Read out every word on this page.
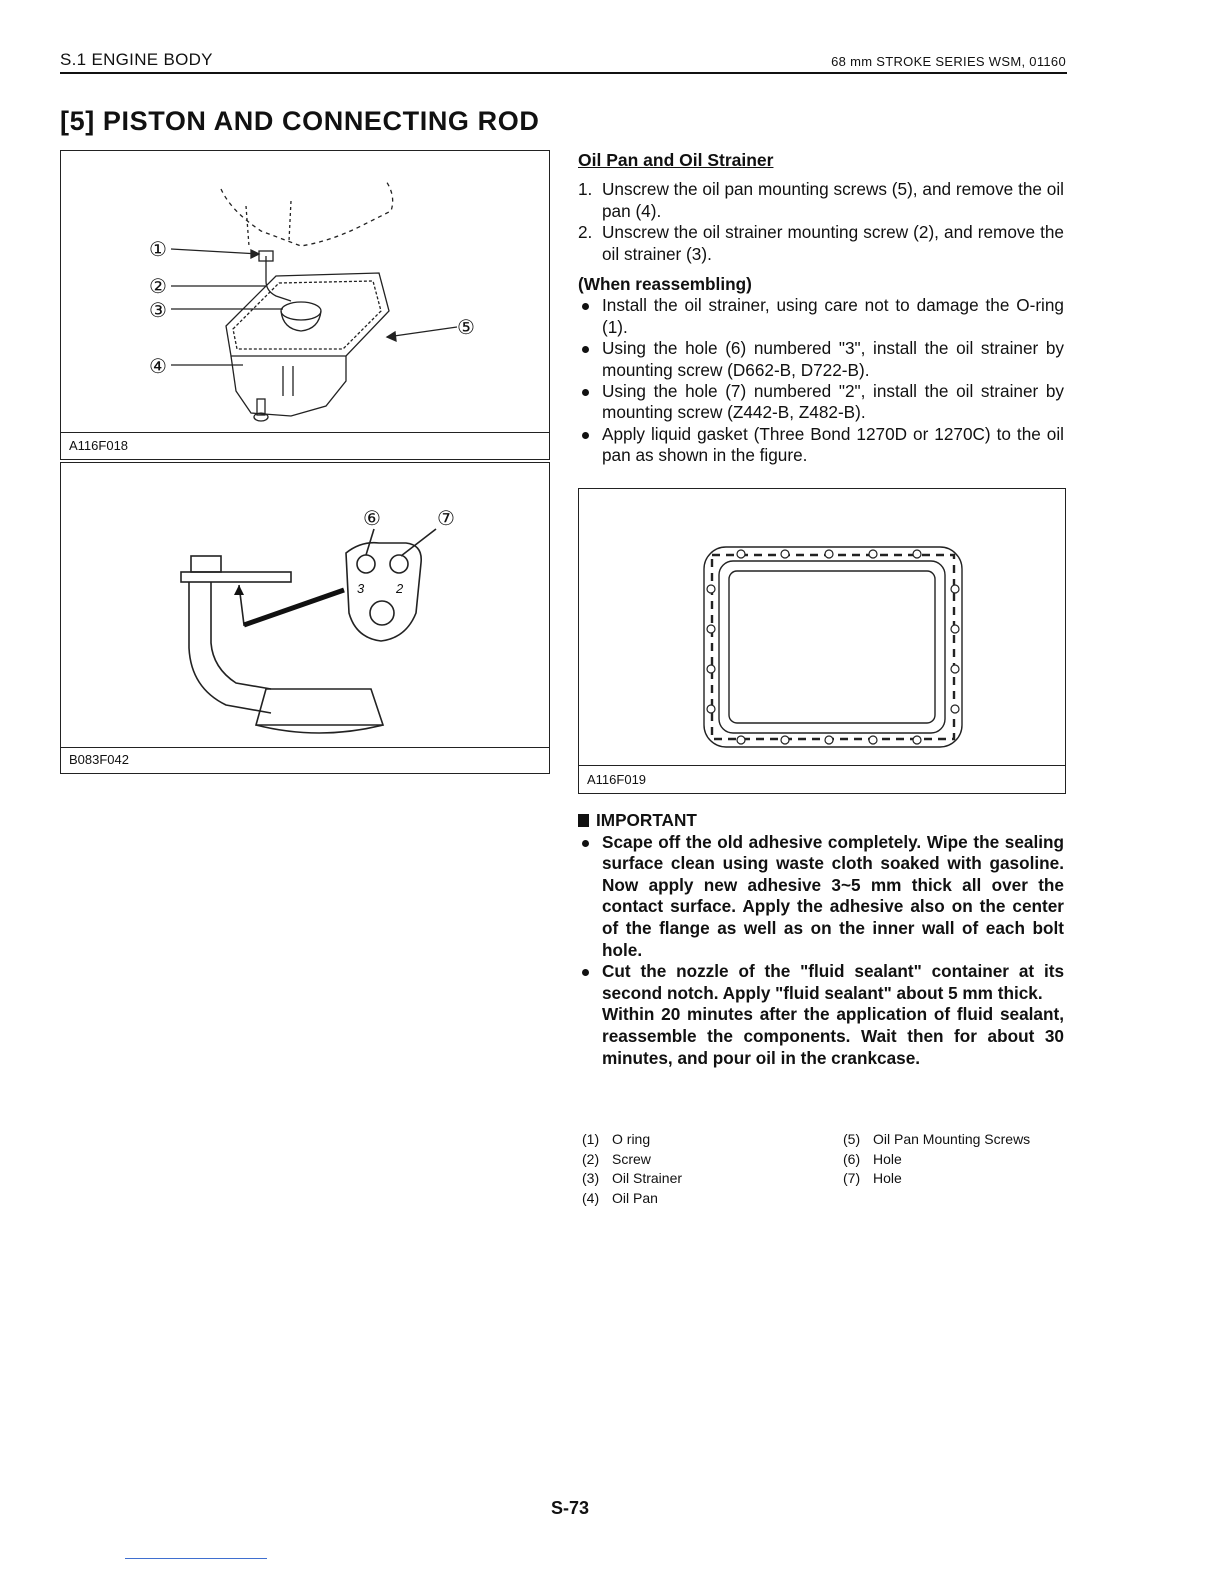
S.1 ENGINE BODY	68 mm STROKE SERIES WSM, 01160
[5] PISTON AND CONNECTING ROD
①
②
③
④
⑤
A116F018
⑥	⑦
3 2
B083F042
Oil Pan and Oil Strainer
1. Unscrew the oil pan mounting screws (5), and remove the oil pan (4).
2. Unscrew the oil strainer mounting screw (2), and remove the oil strainer (3).
(When reassembling)
Install the oil strainer, using care not to damage the O-ring (1).
Using the hole (6) numbered "3", install the oil strainer by mounting screw (D662-B, D722-B).
Using the hole (7) numbered "2", install the oil strainer by mounting screw (Z442-B, Z482-B).
Apply liquid gasket (Three Bond 1270D or 1270C) to the oil pan as shown in the figure.
A116F019
IMPORTANT
Scape off the old adhesive completely. Wipe the sealing surface clean using waste cloth soaked with gasoline. Now apply new adhesive 3~5 mm thick all over the contact surface. Apply the adhesive also on the center of the flange as well as on the inner wall of each bolt hole.
Cut the nozzle of the "fluid sealant" container at its second notch. Apply "fluid sealant" about 5 mm thick.
Within 20 minutes after the application of fluid sealant, reassemble the components. Wait then for about 30 minutes, and pour oil in the crankcase.
(1) O ring
(2) Screw
(3) Oil Strainer
(4) Oil Pan
(5) Oil Pan Mounting Screws
(6) Hole
(7) Hole
S-73
